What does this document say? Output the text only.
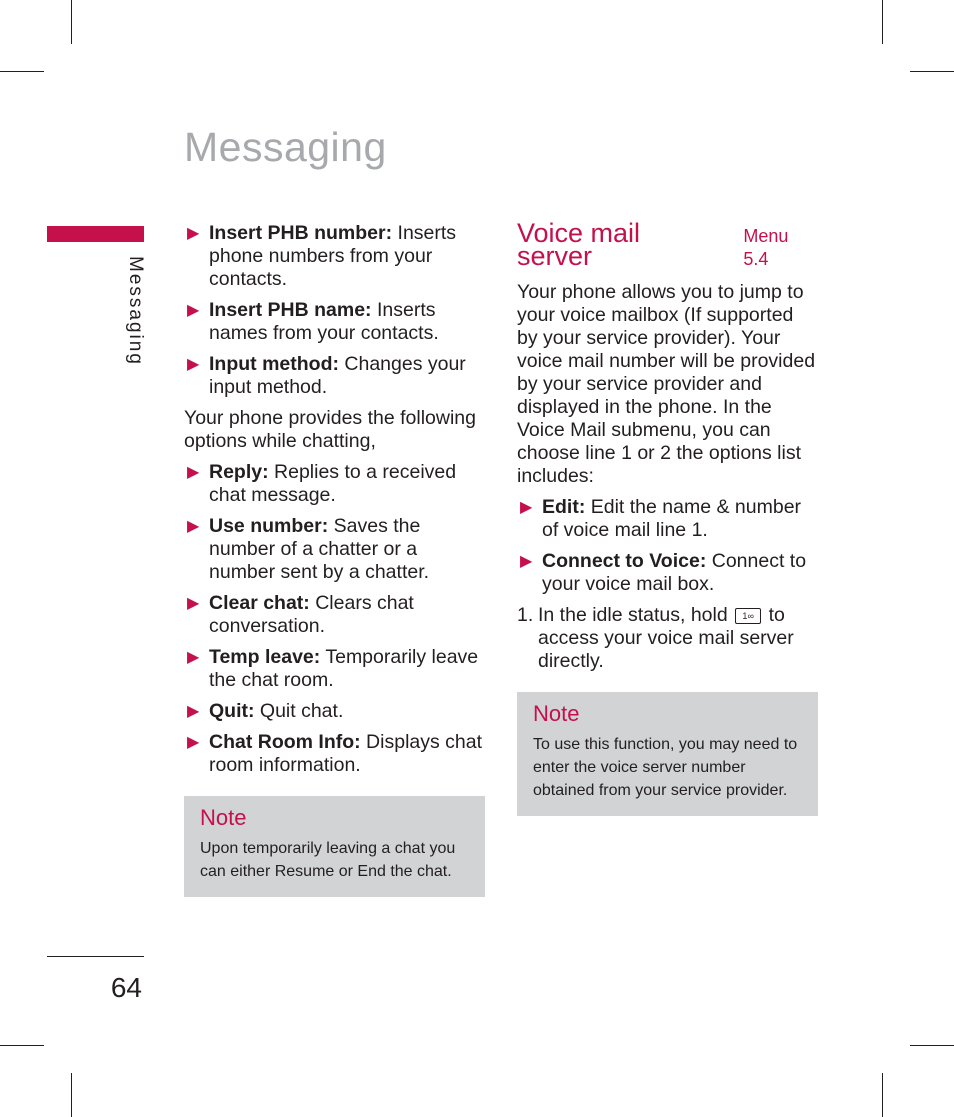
Messaging
Messaging
64
▶ Insert PHB number: Inserts phone numbers from your contacts.
▶ Insert PHB name: Inserts names from your contacts.
▶ Input method: Changes your input method.
Your phone provides the following options while chatting,
▶ Reply: Replies to a received chat message.
▶ Use number: Saves the number of a chatter or a number sent by a chatter.
▶ Clear chat: Clears chat conversation.
▶ Temp leave: Temporarily leave the chat room.
▶ Quit: Quit chat.
▶ Chat Room Info: Displays chat room information.
Note
Upon temporarily leaving a chat you can either Resume or End the chat.
Voice mail server
Menu 5.4
Your phone allows you to jump to your voice mailbox (If supported by your service provider). Your voice mail number will be provided by your service provider and displayed in the phone. In the Voice Mail submenu, you can choose line 1 or 2 the options list includes:
▶ Edit: Edit the name & number of voice mail line 1.
▶ Connect to Voice: Connect to your voice mail box.
1. In the idle status, hold 1∞ to access your voice mail server directly.
Note
To use this function, you may need to enter the voice server number obtained from your service provider.
